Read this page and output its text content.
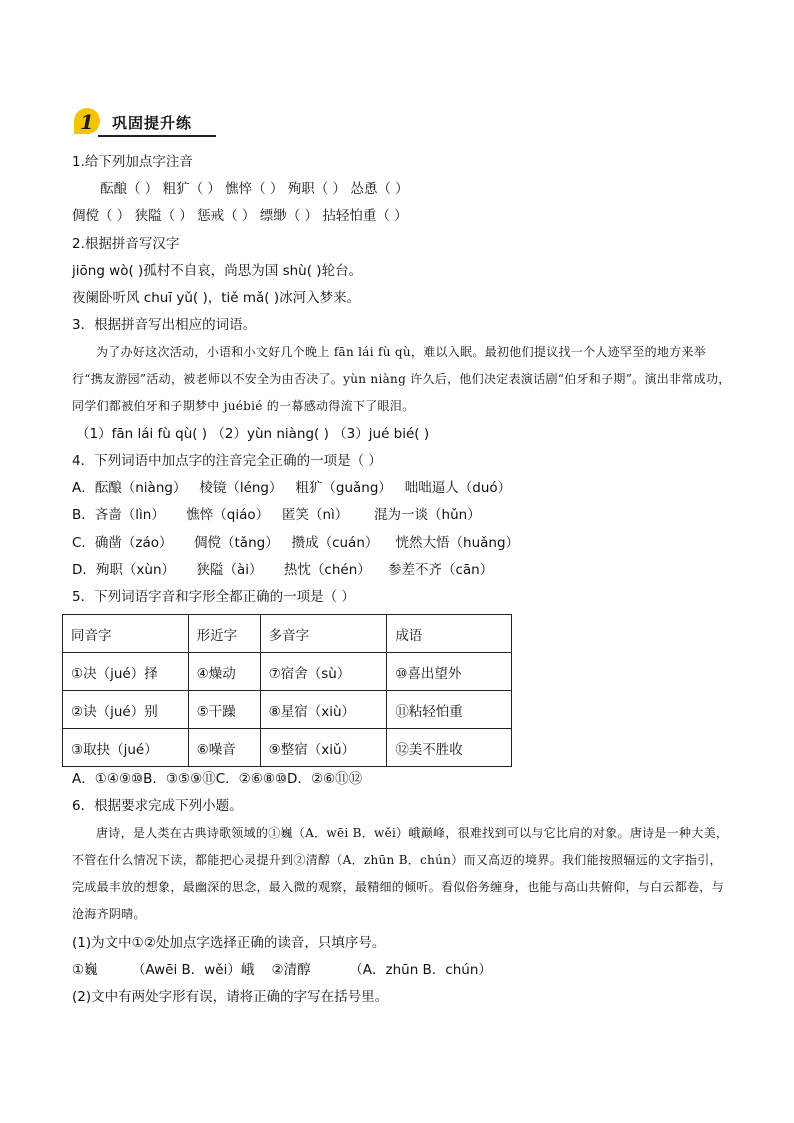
1 巩固提升练
1.给下列加点字注音
酝酿（ ） 粗犷（ ） 憔悴（ ） 殉职（ ） 怂恿（ ）
倜傥（ ） 狭隘（ ） 惩戒（ ） 缥缈（ ） 拈轻怕重（ ）
2.根据拼音写汉字
jiōng wò( )孤村不自哀，尚思为国 shù( )轮台。
夜阑卧听风 chuī yǔ( )，tiě mǎ( )冰河入梦来。
3．根据拼音写出相应的词语。
为了办好这次活动，小语和小文好几个晚上 fān lái fù qù，难以入眠。最初他们提议找一个人迹罕至的地方来举行“携友游园”活动，被老师以不安全为由否决了。yùn niàng 许久后，他们决定表演话剧“伯牙和子期”。演出非常成功，同学们都被伯牙和子期梦中 juébié 的一幕感动得流下了眼泪。
（1）fān lái fù qù( ) （2）yùn niàng( ) （3）jué bié( )
4．下列词语中加点字的注音完全正确的一项是（ ）
A．酝酿（niàng）   棱镜（léng）   粗犷（guǎng）   咄咄逼人（duó）
B．吝啬（lìn）     憔悴（qiáo）   匿笑（nì）      混为一谈（hǔn）
C．确凿（záo）     倜傥（tǎng）   攒成（cuán）    恍然大悟（huǎng）
D．殉职（xùn）     狭隘（ài）     热忱（chén）    参差不齐（cān）
5．下列词语字音和字形全都正确的一项是（ ）
同音字	形近字	多音字	成语
①决（jué）择	④燥动	⑦宿舍（sù）	⑩喜出望外
②诀（jué）别	⑤干躁	⑧星宿（xiù）	⑪粘轻怕重
③取抉（jué）	⑥噪音	⑨整宿（xiǔ）	⑫美不胜收
A．①④⑨⑩B．③⑤⑨⑪C．②⑥⑧⑩D．②⑥⑪⑫
6．根据要求完成下列小题。
唐诗，是人类在古典诗歌领域的①巍（A．wēi B．wěi）峨巅峰，很难找到可以与它比肩的对象。唐诗是一种大美，不管在什么情况下读，都能把心灵提升到②清醇（A．zhūn B．chún）而又高迈的境界。我们能按照辐远的文字指引，完成最丰放的想象，最幽深的思念，最入微的观察，最精细的倾听。看似俗务缠身，也能与高山共俯仰，与白云都卷，与沧海齐阴晴。
(1)为文中①②处加点字选择正确的读音，只填序号。
①巍        （Awēi B．wěi）峨    ②清醇         （A．zhūn B．chún）
(2)文中有两处字形有误，请将正确的字写在括号里。
